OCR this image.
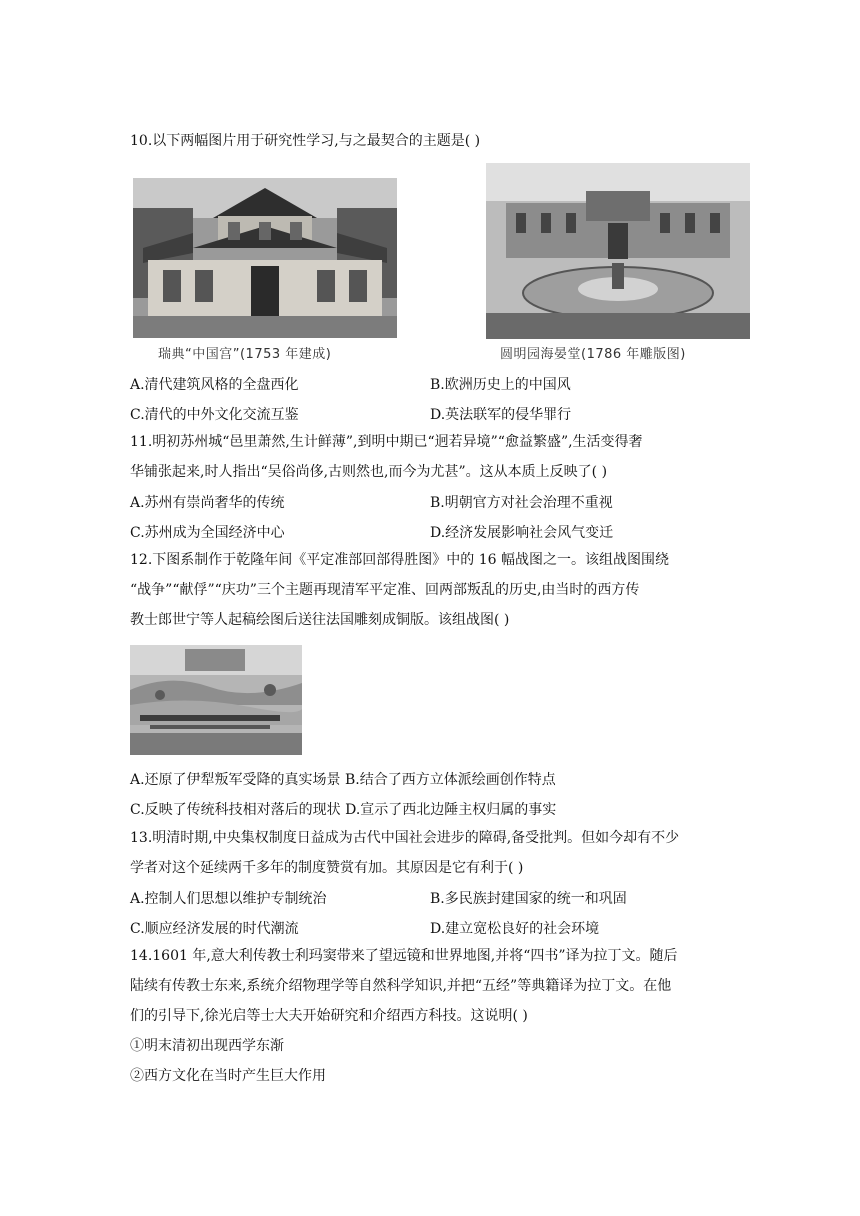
10.以下两幅图片用于研究性学习,与之最契合的主题是( )
瑞典“中国宫”(1753 年建成)	圆明园海晏堂(1786 年雕版图)
A.清代建筑风格的全盘西化	B.欧洲历史上的中国风
C.清代的中外文化交流互鉴	D.英法联军的侵华罪行
11.明初苏州城“邑里萧然,生计鲜薄”,到明中期已“迥若异境”“愈益繁盛”,生活变得奢
华铺张起来,时人指出“吴俗尚侈,古则然也,而今为尤甚”。这从本质上反映了( )
A.苏州有崇尚奢华的传统	B.明朝官方对社会治理不重视
C.苏州成为全国经济中心	D.经济发展影响社会风气变迁
12.下图系制作于乾隆年间《平定准部回部得胜图》中的 16 幅战图之一。该组战图围绕
“战争”“献俘”“庆功”三个主题再现清军平定准、回两部叛乱的历史,由当时的西方传
教士郎世宁等人起稿绘图后送往法国雕刻成铜版。该组战图( )
A.还原了伊犁叛军受降的真实场景 B.结合了西方立体派绘画创作特点
C.反映了传统科技相对落后的现状 D.宣示了西北边陲主权归属的事实
13.明清时期,中央集权制度日益成为古代中国社会进步的障碍,备受批判。但如今却有不少
学者对这个延续两千多年的制度赞赏有加。其原因是它有利于( )
A.控制人们思想以维护专制统治	B.多民族封建国家的统一和巩固
C.顺应经济发展的时代潮流	D.建立宽松良好的社会环境
14.1601 年,意大利传教士利玛窦带来了望远镜和世界地图,并将“四书”译为拉丁文。随后
陆续有传教士东来,系统介绍物理学等自然科学知识,并把“五经”等典籍译为拉丁文。在他
们的引导下,徐光启等士大夫开始研究和介绍西方科技。这说明( )
①明末清初出现西学东渐
②西方文化在当时产生巨大作用
